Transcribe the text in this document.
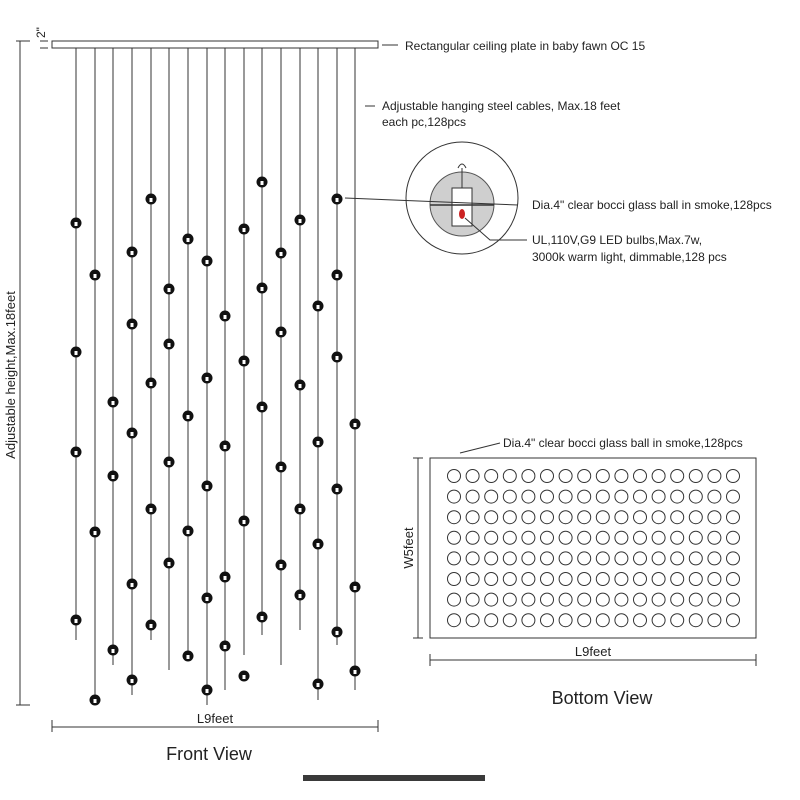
2"
Rectangular ceiling plate in baby fawn OC 15
Adjustable hanging steel cables, Max.18 feet
each pc,128pcs
Dia.4" clear bocci glass ball in smoke,128pcs
UL,110V,G9 LED bulbs,Max.7w,
3000k warm light, dimmable,128 pcs
Adjustable height,Max.18feet
L9feet
Front View
Dia.4" clear bocci glass ball in smoke,128pcs
W5feet
L9feet
Bottom View
